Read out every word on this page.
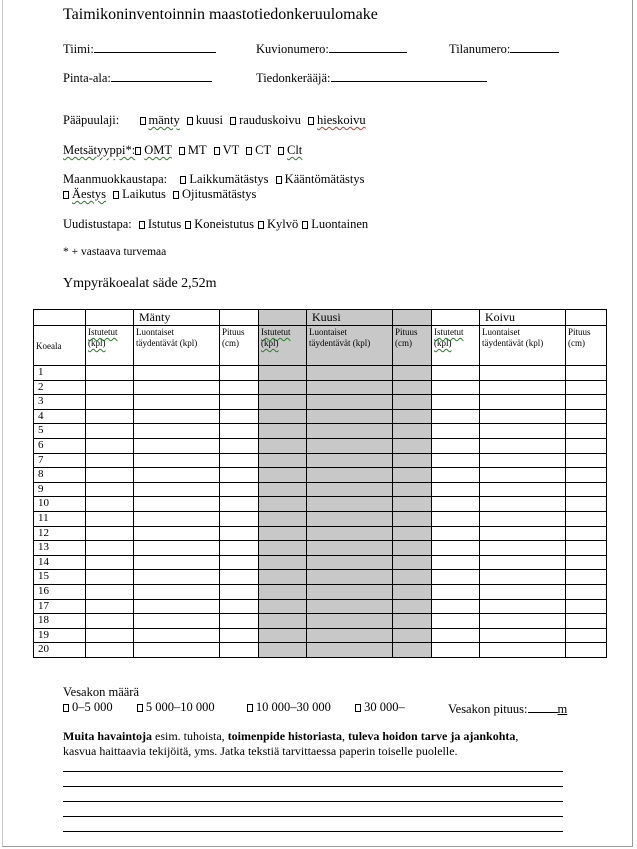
Taimikoninventoinnin maastotiedonkeruulomake
Tiimi:	Kuvionumero:	Tilanumero:
Pinta-ala:	Tiedonkerääjä:
Pääpuulaji: mänty kuusi rauduskoivu hieskoivu
Metsätyyppi*: OMT MT VT CT Clt
Maanmuokkaustapa: Laikkumätästys Kääntömätästys
Äestys Laikutus Ojitusmätästys
Uudistustapa: Istutus Koneistutus Kylvö Luontainen
* + vastaava turvemaa
Ympyräkoealat säde 2,52m
		Mänty			Kuusi			Koivu	
Koeala	Istutetut (kpl)	Luontaiset täydentävät (kpl)	Pituus (cm)	Istutetut (kpl)	Luontaiset täydentävät (kpl)	Pituus (cm)	Istutetut (kpl)	Luontaiset täydentävät (kpl)	Pituus (cm)
1									
2									
3									
4									
5									
6									
7									
8									
9									
10									
11									
12									
13									
14									
15									
16									
17									
18									
19									
20									
Vesakon määrä
0–5 000	5 000–10 000	10 000–30 000	30 000–	Vesakon pituus: m
Muita havaintoja esim. tuhoista, toimenpide historiasta, tuleva hoidon tarve ja ajankohta,
kasvua haittaavia tekijöitä, yms. Jatka tekstiä tarvittaessa paperin toiselle puolelle.
